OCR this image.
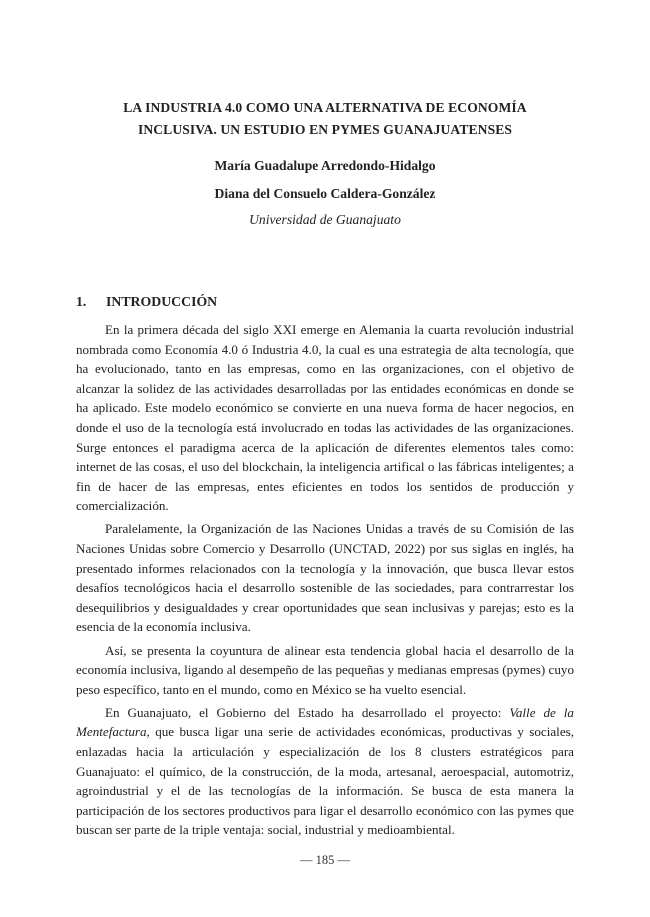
LA INDUSTRIA 4.0 COMO UNA ALTERNATIVA DE ECONOMÍA
INCLUSIVA. UN ESTUDIO EN PYMES GUANAJUATENSES
María Guadalupe Arredondo-Hidalgo
Diana del Consuelo Caldera-González
Universidad de Guanajuato
1. INTRODUCCIÓN

En la primera década del siglo XXI emerge en Alemania la cuarta revolución industrial nombrada como Economía 4.0 ó Industria 4.0, la cual es una estrategia de alta tecnología, que ha evolucionado, tanto en las empresas, como en las organizaciones, con el objetivo de alcanzar la solidez de las actividades desarrolladas por las entidades económicas en donde se ha aplicado. Este modelo económico se convierte en una nueva forma de hacer negocios, en donde el uso de la tecnología está involucrado en todas las actividades de las organizaciones. Surge entonces el paradigma acerca de la aplicación de diferentes elementos tales como: internet de las cosas, el uso del blockchain, la inteligencia artifical o las fábricas inteligentes; a fin de hacer de las empresas, entes eficientes en todos los sentidos de producción y comercialización.

Paralelamente, la Organización de las Naciones Unidas a través de su Comisión de las Naciones Unidas sobre Comercio y Desarrollo (UNCTAD, 2022) por sus siglas en inglés, ha presentado informes relacionados con la tecnología y la innovación, que busca llevar estos desafíos tecnológicos hacia el desarrollo sostenible de las sociedades, para contrarrestar los desequilibrios y desigualdades y crear oportunidades que sean inclusivas y parejas; esto es la esencia de la economía inclusiva.

Así, se presenta la coyuntura de alinear esta tendencia global hacia el desarrollo de la economía inclusiva, ligando al desempeño de las pequeñas y medianas empresas (pymes) cuyo peso específico, tanto en el mundo, como en México se ha vuelto esencial.

En Guanajuato, el Gobierno del Estado ha desarrollado el proyecto: Valle de la Mentefactura, que busca ligar una serie de actividades económicas, productivas y sociales, enlazadas hacia la articulación y especialización de los 8 clusters estratégicos para Guanajuato: el químico, de la construcción, de la moda, artesanal, aeroespacial, automotriz, agroindustrial y el de las tecnologías de la información. Se busca de esta manera la participación de los sectores productivos para ligar el desarrollo económico con las pymes que buscan ser parte de la triple ventaja: social, industrial y medioambiental.

— 185 —
